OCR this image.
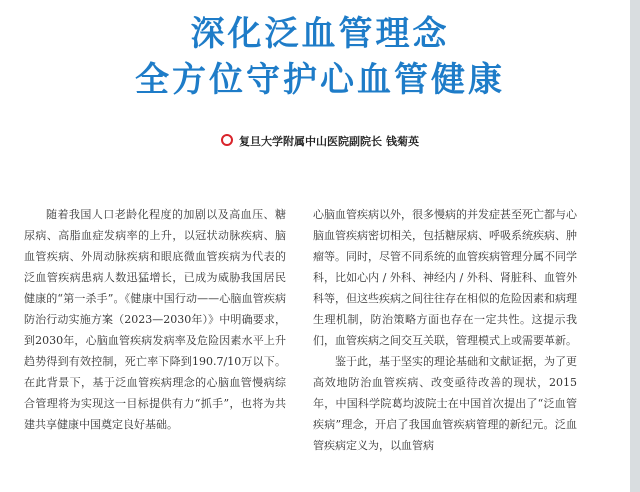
深化泛血管理念
全方位守护心血管健康
复旦大学附属中山医院副院长 钱菊英

随着我国人口老龄化程度的加剧以及高血压、糖尿病、高脂血症发病率的上升，以冠状动脉疾病、脑血管疾病、外周动脉疾病和眼底微血管疾病为代表的泛血管疾病患病人数迅猛增长，已成为威胁我国居民健康的“第一杀手”。《健康中国行动——心脑血管疾病防治行动实施方案（2023—2030年）》中明确要求，到2030年，心脑血管疾病发病率及危险因素水平上升趋势得到有效控制，死亡率下降到190.7/10万以下。在此背景下，基于泛血管疾病理念的心脑血管慢病综合管理将为实现这一目标提供有力“抓手”，也将为共建共享健康中国奠定良好基础。

心脑血管疾病以外，很多慢病的并发症甚至死亡都与心脑血管疾病密切相关，包括糖尿病、呼吸系统疾病、肿瘤等。同时，尽管不同系统的血管疾病管理分属不同学科，比如心内 / 外科、神经内 / 外科、肾脏科、血管外科等，但这些疾病之间往往存在相似的危险因素和病理生理机制，防治策略方面也存在一定共性。这提示我们，血管疾病之间交互关联，管理模式上或需要革新。

鉴于此，基于坚实的理论基础和文献证据，为了更高效地防治血管疾病、改变亟待改善的现状，2015年，中国科学院葛均波院士在中国首次提出了“泛血管疾病”理念，开启了我国血管疾病管理的新纪元。泛血管疾病定义为，以血管病
